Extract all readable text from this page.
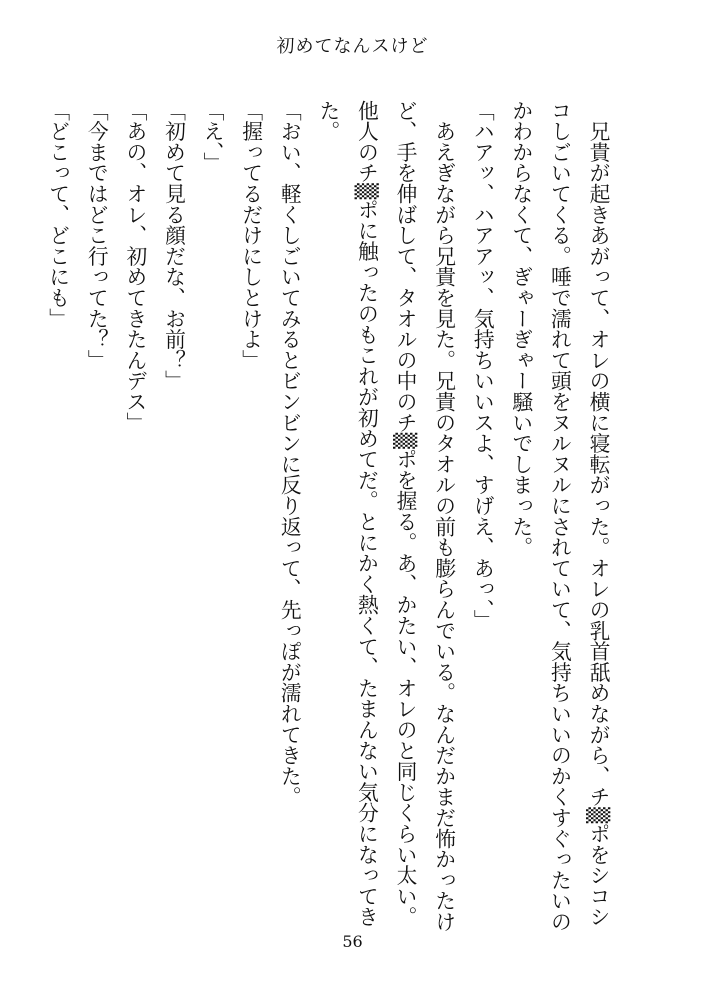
初めてなんスけど

　兄貴が起きあがって、オレの横に寝転がった。オレの乳首舐めながら、チ▒ポをシコシ

コしごいてくる。唾で濡れて頭をヌルヌルにされていて、気持ちいいのかくすぐったいの

かわからなくて、ぎゃーぎゃー騒いでしまった。

「ハアッ、ハアアッ、気持ちいいスよ、すげえ、あっ、」

　あえぎながら兄貴を見た。兄貴のタオルの前も膨らんでいる。なんだかまだ怖かったけ

ど、手を伸ばして、タオルの中のチ▒ポを握る。あ、かたい、オレのと同じくらい太い。

他人のチ▒ポに触ったのもこれが初めてだ。とにかく熱くて、たまんない気分になってき

た。

「おい、軽くしごいてみるとビンビンに反り返って、先っぽが濡れてきた。

「握ってるだけにしとけよ」

「え、」

「初めて見る顔だな、お前？」

「あの、オレ、初めてきたんデス」

「今まではどこ行ってた？」

「どこって、どこにも」

56
